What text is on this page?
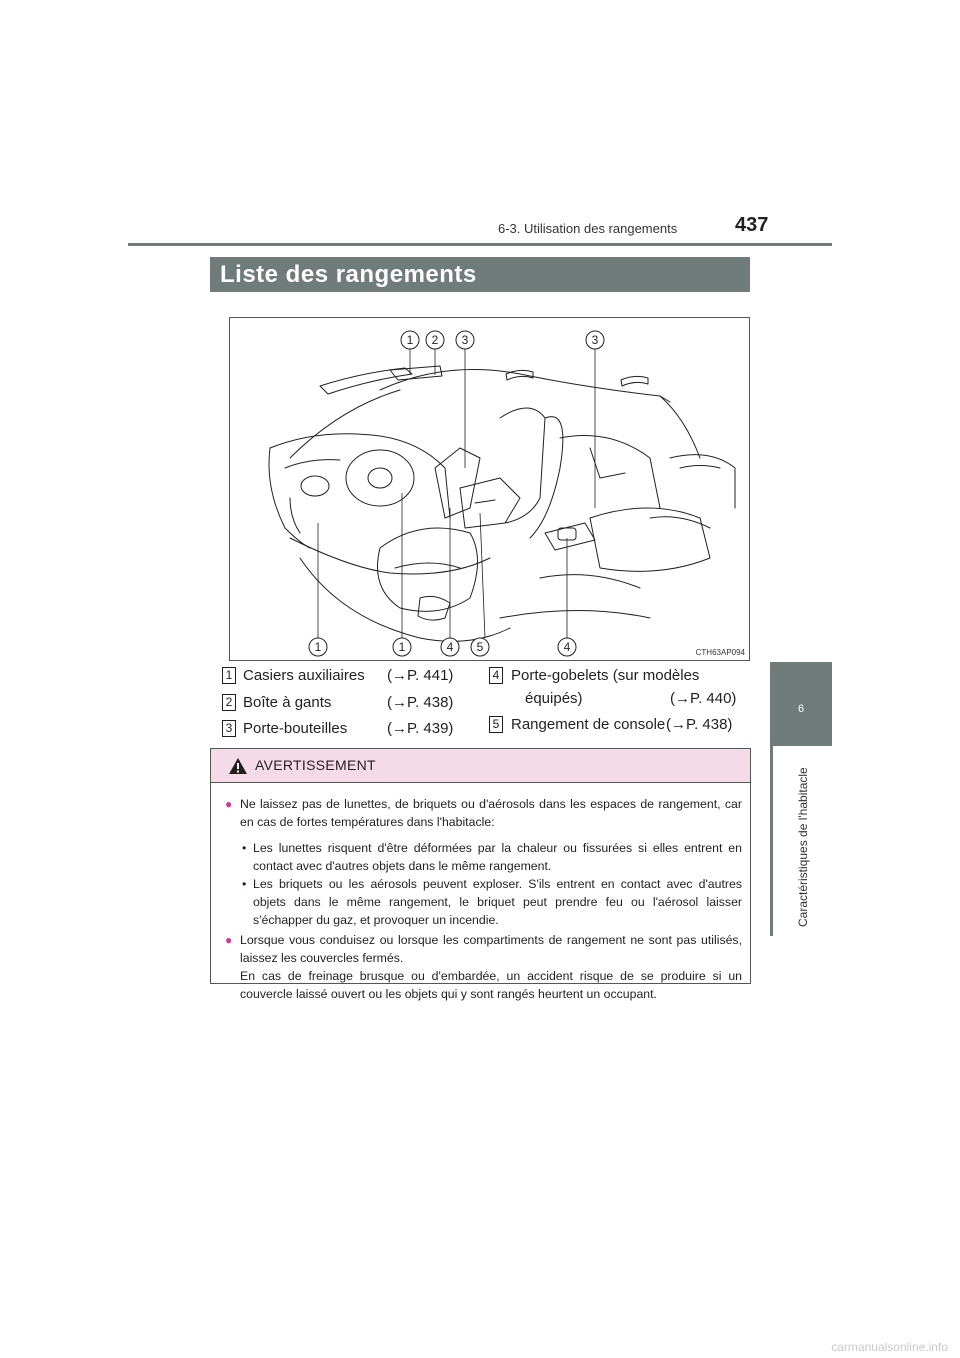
6-3. Utilisation des rangements	437
6
Caractéristiques de l'habitacle
Liste des rangements
1 2 3	3
1	1	4 5	4	CTH63AP094
1 Casiers auxiliaires (→P. 441)
2 Boîte à gants	(→P. 438)
3 Porte-bouteilles	(→P. 439)
4 Porte-gobelets (sur modèles
équipés)	(→P. 440)
5 Rangement de console (→P. 438)
AVERTISSEMENT
● Ne laissez pas de lunettes, de briquets ou d'aérosols dans les espaces de rangement, car en cas de fortes températures dans l'habitacle:
• Les lunettes risquent d'être déformées par la chaleur ou fissurées si elles entrent en contact avec d'autres objets dans le même rangement.
• Les briquets ou les aérosols peuvent exploser. S'ils entrent en contact avec d'autres objets dans le même rangement, le briquet peut prendre feu ou l'aérosol laisser s'échapper du gaz, et provoquer un incendie.
● Lorsque vous conduisez ou lorsque les compartiments de rangement ne sont pas utilisés, laissez les couvercles fermés.
En cas de freinage brusque ou d'embardée, un accident risque de se produire si un couvercle laissé ouvert ou les objets qui y sont rangés heurtent un occupant.
carmanualsonline.info
